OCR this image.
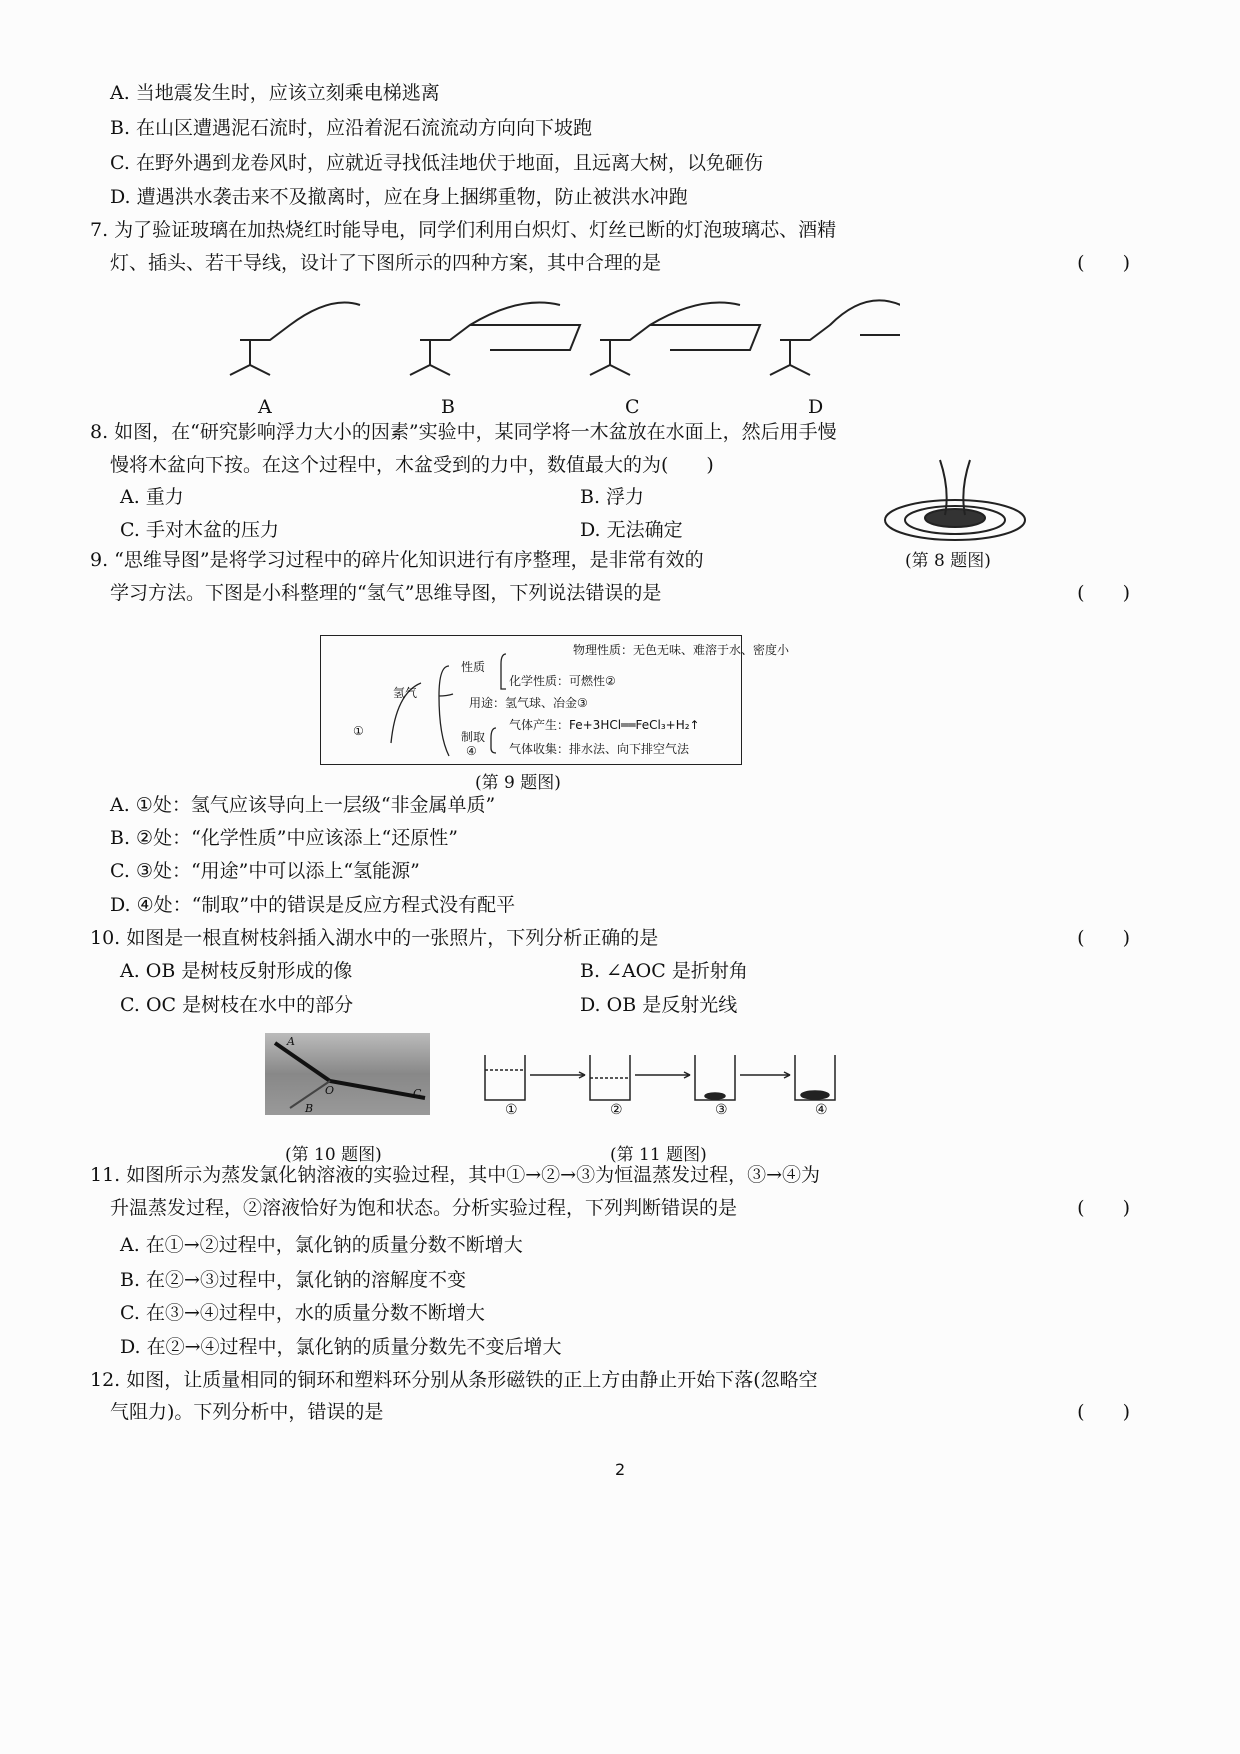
A. 当地震发生时，应该立刻乘电梯逃离
B. 在山区遭遇泥石流时，应沿着泥石流流动方向向下坡跑
C. 在野外遇到龙卷风时，应就近寻找低洼地伏于地面，且远离大树，以免砸伤
D. 遭遇洪水袭击来不及撤离时，应在身上捆绑重物，防止被洪水冲跑
7. 为了验证玻璃在加热烧红时能导电，同学们利用白炽灯、灯丝已断的灯泡玻璃芯、酒精
灯、插头、若干导线，设计了下图所示的四种方案，其中合理的是	(　　)
A	B	C	D
8. 如图，在“研究影响浮力大小的因素”实验中，某同学将一木盆放在水面上，然后用手慢
慢将木盆向下按。在这个过程中，木盆受到的力中，数值最大的为(　　)
A. 重力	B. 浮力
C. 手对木盆的压力	D. 无法确定
(第 8 题图)
9. “思维导图”是将学习过程中的碎片化知识进行有序整理，是非常有效的
学习方法。下图是小科整理的“氢气”思维导图，下列说法错误的是	(　　)
物理性质：无色无味、难溶于水、密度小
性质
化学性质：可燃性②
氢气
用途：氢气球、冶金③
①	气体产生：Fe+3HCl══FeCl₃+H₂↑
制取
④	气体收集：排水法、向下排空气法
(第 9 题图)
A. ①处：氢气应该导向上一层级“非金属单质”
B. ②处：“化学性质”中应该添上“还原性”
C. ③处：“用途”中可以添上“氢能源”
D. ④处：“制取”中的错误是反应方程式没有配平
10. 如图是一根直树枝斜插入湖水中的一张照片，下列分析正确的是	(　　)
A. OB 是树枝反射形成的像	B. ∠AOC 是折射角
C. OC 是树枝在水中的部分	D. OB 是反射光线
A
O
B
C
(第 10 题图)
①	②	③	④
(第 11 题图)
11. 如图所示为蒸发氯化钠溶液的实验过程，其中①→②→③为恒温蒸发过程，③→④为
升温蒸发过程，②溶液恰好为饱和状态。分析实验过程，下列判断错误的是	(　　)
A. 在①→②过程中，氯化钠的质量分数不断增大
B. 在②→③过程中，氯化钠的溶解度不变
C. 在③→④过程中，水的质量分数不断增大
D. 在②→④过程中，氯化钠的质量分数先不变后增大
12. 如图，让质量相同的铜环和塑料环分别从条形磁铁的正上方由静止开始下落(忽略空
气阻力)。下列分析中，错误的是	(　　)
2
